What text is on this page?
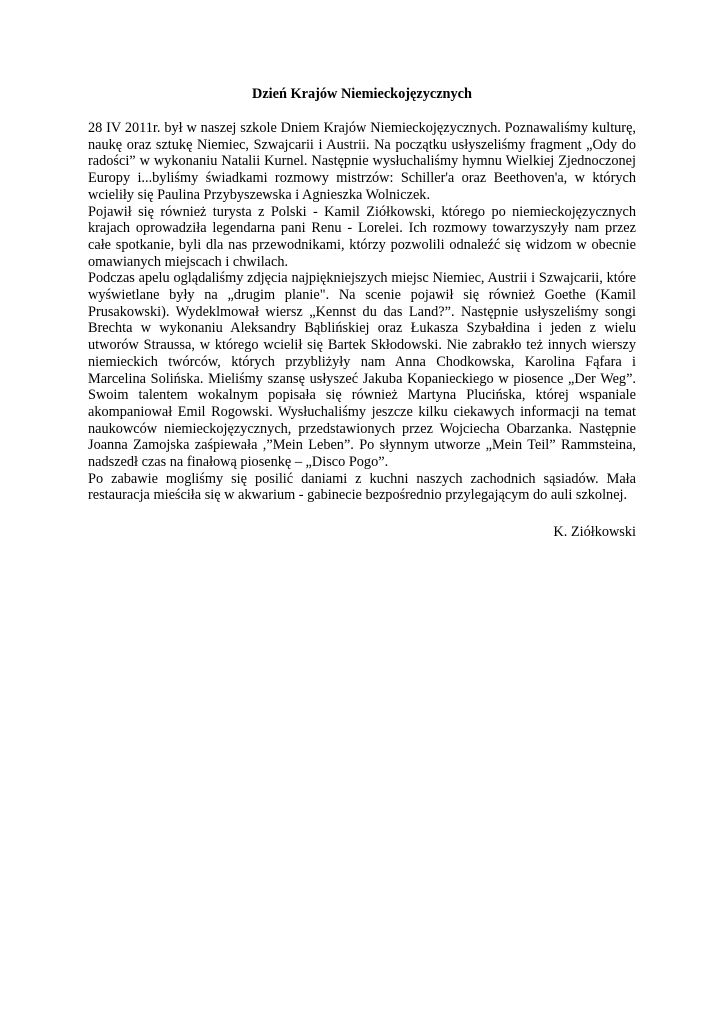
Dzień Krajów Niemieckojęzycznych

28 IV 2011r. był w naszej szkole Dniem Krajów Niemieckojęzycznych. Poznawaliśmy kulturę, naukę oraz sztukę Niemiec, Szwajcarii i Austrii. Na początku usłyszeliśmy fragment „Ody do radości” w wykonaniu Natalii Kurnel. Następnie wysłuchaliśmy hymnu Wielkiej Zjednoczonej Europy i...byliśmy świadkami rozmowy mistrzów: Schiller'a oraz Beethoven'a, w których wcieliły się Paulina Przybyszewska i Agnieszka Wolniczek.

Pojawił się również turysta z Polski - Kamil Ziółkowski, którego po niemieckojęzycznych krajach oprowadziła legendarna pani Renu - Lorelei. Ich rozmowy towarzyszyły nam przez całe spotkanie, byli dla nas przewodnikami, którzy pozwolili odnaleźć się widzom w obecnie omawianych miejscach i chwilach.

Podczas apelu oglądaliśmy zdjęcia najpiękniejszych miejsc Niemiec, Austrii i Szwajcarii, które wyświetlane były na „drugim planie". Na scenie pojawił się również Goethe (Kamil Prusakowski). Wydeklmował wiersz „Kennst du das Land?”. Następnie usłyszeliśmy songi Brechta w wykonaniu Aleksandry Bąblińskiej oraz Łukasza Szybałdina i jeden z wielu utworów Straussa, w którego wcielił się Bartek Skłodowski. Nie zabrakło też innych wierszy niemieckich twórców, których przybliżyły nam Anna Chodkowska, Karolina Fąfara i Marcelina Solińska. Mieliśmy szansę usłyszeć Jakuba Kopanieckiego w piosence „Der Weg”. Swoim talentem wokalnym popisała się również Martyna Plucińska, której wspaniale akompaniował Emil Rogowski. Wysłuchaliśmy jeszcze kilku ciekawych informacji na temat naukowców niemieckojęzycznych, przedstawionych przez Wojciecha Obarzanka. Następnie Joanna Zamojska zaśpiewała ,”Mein Leben”. Po słynnym utworze „Mein Teil” Rammsteina, nadszedł czas na finałową piosenkę – „Disco Pogo”.

Po zabawie mogliśmy się posilić daniami z kuchni naszych zachodnich sąsiadów. Mała restauracja mieściła się w akwarium - gabinecie bezpośrednio przylegającym do auli szkolnej.

K. Ziółkowski
